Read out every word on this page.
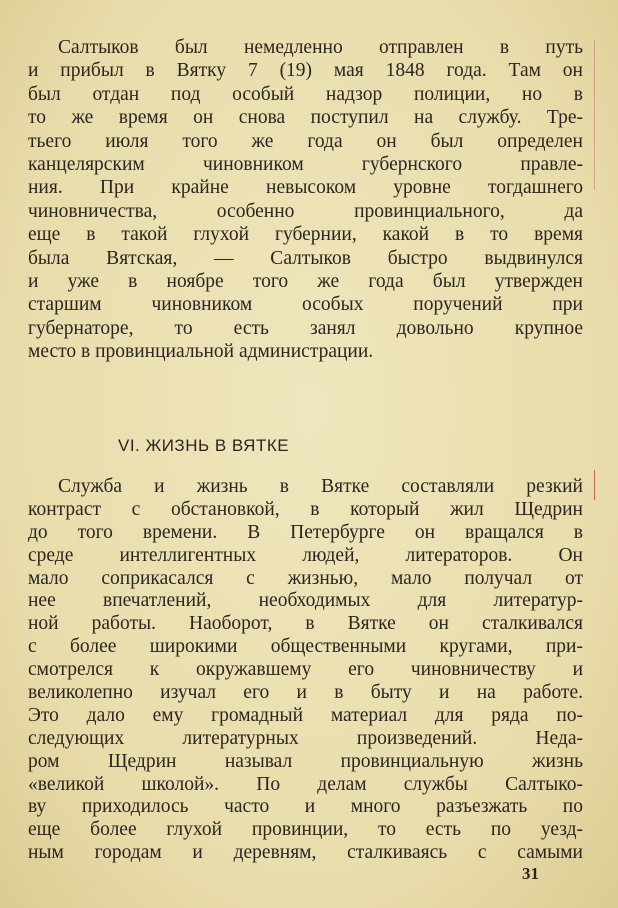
Салтыков был немедленно отправлен в путь
и прибыл в Вятку 7 (19) мая 1848 года. Там он
был отдан под особый надзор полиции, но в
то же время он снова поступил на службу. Тре-
тьего июля того же года он был определен
канцелярским чиновником губернского правле-
ния. При крайне невысоком уровне тогдашнего
чиновничества, особенно провинциального, да
еще в такой глухой губернии, какой в то время
была Вятская, — Салтыков быстро выдвинулся
и уже в ноябре того же года был утвержден
старшим чиновником особых поручений при
губернаторе, то есть занял довольно крупное
место в провинциальной администрации.
VI. ЖИЗНЬ В ВЯТКЕ
Служба и жизнь в Вятке составляли резкий
контраст с обстановкой, в который жил Щедрин
до того времени. В Петербурге он вращался в
среде интеллигентных людей, литераторов. Он
мало соприкасался с жизнью, мало получал от
нее впечатлений, необходимых для литератур-
ной работы. Наоборот, в Вятке он сталкивался
с более широкими общественными кругами, при-
смотрелся к окружавшему его чиновничеству и
великолепно изучал его и в быту и на работе.
Это дало ему громадный материал для ряда по-
следующих литературных произведений. Неда-
ром Щедрин называл провинциальную жизнь
«великой школой». По делам службы Салтыко-
ву приходилось часто и много разъезжать по
еще более глухой провинции, то есть по уезд-
ным городам и деревням, сталкиваясь с самыми
31
